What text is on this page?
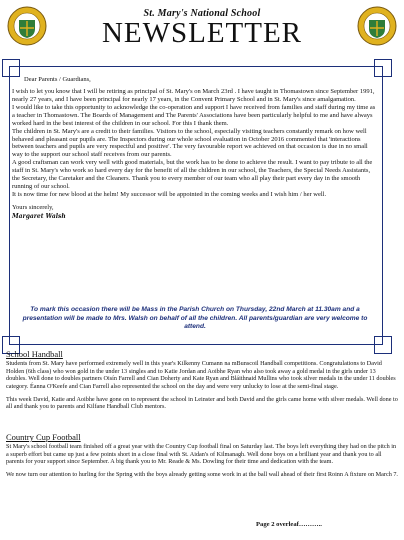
St. Mary's National School
NEWSLETTER
Dear Parents / Guardians,

I wish to let you know that I will be retiring as principal of St. Mary's on March 23rd . I have taught in Thomastown since September 1991, nearly 27 years, and I have been principal for nearly 17 years, in the Convent Primary School and in St. Mary's since amalgamation.

I would like to take this opportunity to acknowledge the co-operation and support I have received from families and staff during my time as a teacher in Thomastown. The Boards of Management and The Parents' Associations have been particularly helpful to me and have always worked hard in the best interest of the children in our school. For this I thank them.

The children in St. Mary's are a credit to their families. Visitors to the school, especially visiting teachers constantly remark on how well behaved and pleasant our pupils are. The Inspectors during our whole school evaluation in October 2016 commented that 'interactions between teachers and pupils are very respectful and positive'. The very favourable report we achieved on that occasion is due in no small way to the support our school staff receives from our parents.

A good craftsman can work very well with good materials, but the work has to be done to achieve the result. I want to pay tribute to all the staff in St. Mary's who work so hard every day for the benefit of all the children in our school, the Teachers, the Special Needs Assistants, the Secretary, the Caretaker and the Cleaners. Thank you to every member of our team who all play their part every day in the smooth running of our school.

It is now time for new blood at the helm! My successor will be appointed in the coming weeks and I wish him / her well.

Yours sincerely,

Margaret Walsh

To mark this occasion there will be Mass in the Parish Church on Thursday, 22nd March at 11.30am and a presentation will be made to Mrs. Walsh on behalf of all the children. All parents/guardian are very welcome to attend.
School Handball

Students from St. Mary have performed extremely well in this year's Kilkenny Cumann na mBunscoil Handball competitions. Congratulations to David Holden (6th class) who won gold in the under 13 singles and to Katie Jordan and Aoibhe Ryan who also took away a gold medal in the girls under 13 doubles. Well done to doubles partners Oisín Farrell and Cian Doherty and Kate Ryan and Bláithnaid Mullins who took silver medals in the under 11 doubles category. Éanna O'Keefe and Cian Farrell also represented the school on the day and were very unlucky to lose at the semi-final stage.

This week David, Katie and Aoibhe have gone on to represent the school in Leinster and both David and the girls came home with silver medals. Well done to all and thank you to parents and Kilfane Handball Club mentors.

Country Cup Football

St Mary's school football team finished off a great year with the Country Cup football final on Saturday last. The boys left everything they had on the pitch in a superb effort but came up just a few points short in a close final with St. Aidan's of Kilmanagh. Well done boys on a brilliant year and thank you to all parents for your support since September. A big thank you to Mr. Reade & Ms. Dowling for their time and dedication with the team.

We now turn our attention to hurling for the Spring with the boys already getting some work in at the ball wall ahead of their first Roinn A fixture on March 7.

Page 2 overleaf………..
